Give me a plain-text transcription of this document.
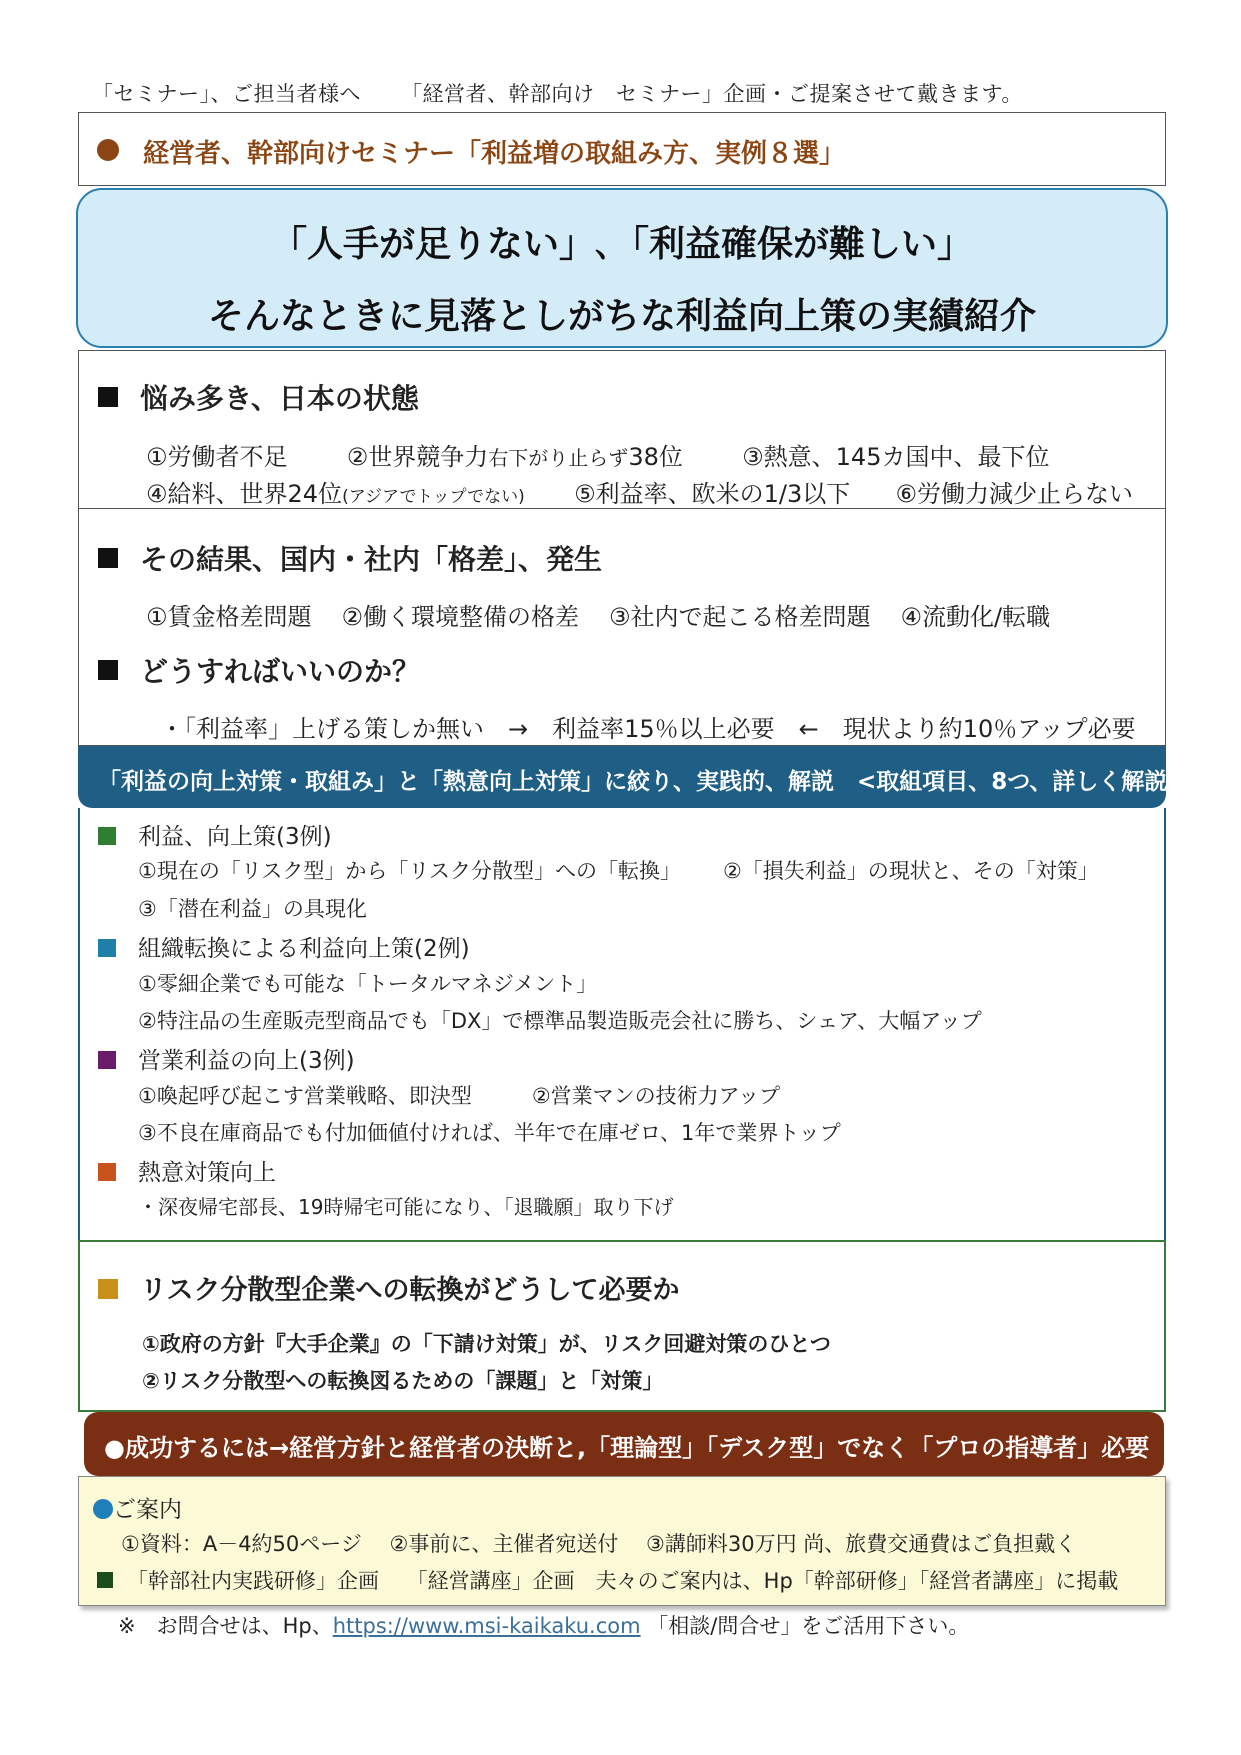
「セミナー」、ご担当者様へ 「経営者、幹部向け　セミナー」企画・ご提案させて戴きます。
経営者、幹部向けセミナー「利益増の取組み方、実例８選」
「人手が足りない」､「利益確保が難しい」
そんなときに見落としがちな利益向上策の実績紹介
悩み多き、日本の状態
①労働者不足 ②世界競争力右下がり止らず38位 ③熱意、145カ国中、最下位
④給料、世界24位(アジアでトップでない) ⑤利益率、欧米の1/3以下 ⑥労働力減少止らない
その結果、国内・社内「格差」、発生
①賃金格差問題 ②働く環境整備の格差 ③社内で起こる格差問題 ④流動化/転職
どうすればいいのか？
・「利益率」上げる策しか無い　→　利益率15％以上必要　←　現状より約10％アップ必要
「利益の向上対策・取組み」と「熱意向上対策」に絞り、実践的、解説　<取組項目、8つ、詳しく解説
利益、向上策(3例)
①現在の「リスク型」から「リスク分散型」への「転換」 ②「損失利益」の現状と、その「対策」
③「潜在利益」の具現化
組織転換による利益向上策(2例)
①零細企業でも可能な「トータルマネジメント」
②特注品の生産販売型商品でも「DX」で標準品製造販売会社に勝ち、シェア、大幅アップ
営業利益の向上(3例)
①喚起呼び起こす営業戦略、即決型	②営業マンの技術力アップ
③不良在庫商品でも付加価値付ければ、半年で在庫ゼロ、1年で業界トップ
熱意対策向上
・深夜帰宅部長、19時帰宅可能になり、「退職願」取り下げ
リスク分散型企業への転換がどうして必要か
①政府の方針『大手企業』の「下請け対策」が、リスク回避対策のひとつ
②リスク分散型への転換図るための「課題」と「対策」
●成功するには→経営方針と経営者の決断と,「理論型」「デスク型」でなく「プロの指導者」必要
ご案内
①資料：A－4約50ページ　 ②事前に、主催者宛送付　 ③講師料30万円 尚、旅費交通費はご負担戴く
「幹部社内実践研修」企画　 「経営講座」企画　夫々のご案内は、Hp「幹部研修」「経営者講座」に掲載
※　お問合せは、Hp、https://www.msi-kaikaku.com 「相談/問合せ」をご活用下さい。
